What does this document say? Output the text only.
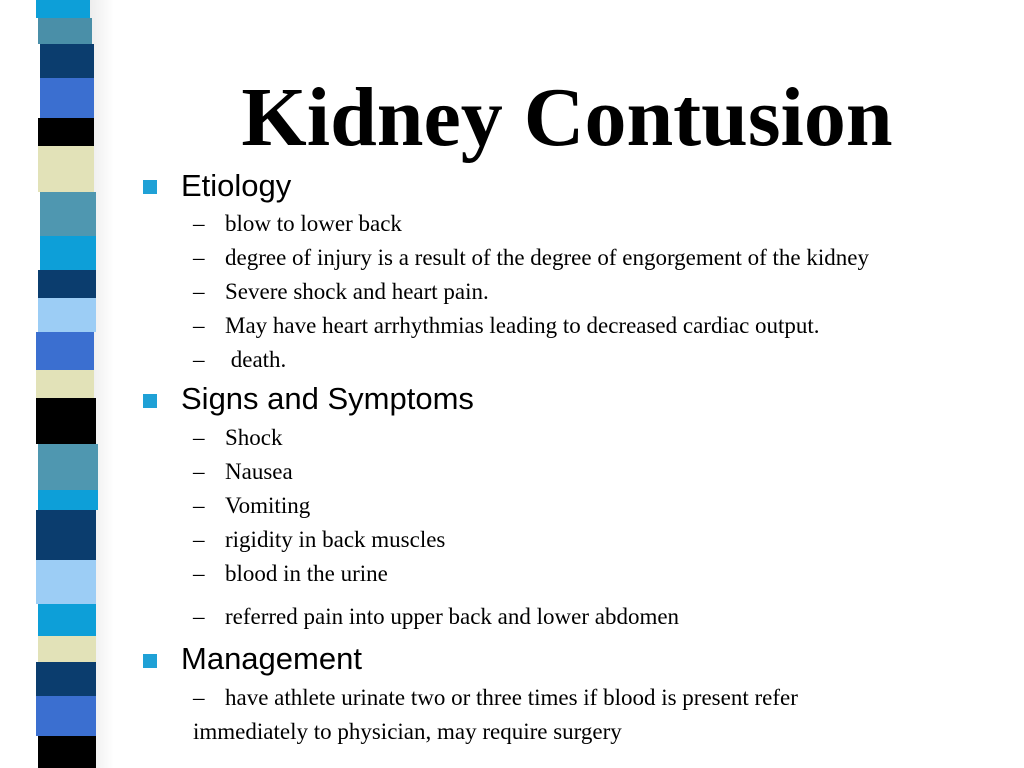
Kidney Contusion
Etiology
– blow to lower back
– degree of injury is a result of the degree of engorgement of the kidney
– Severe shock and heart pain.
– May have heart arrhythmias leading to decreased cardiac output.
– death.
Signs and Symptoms
– Shock
– Nausea
– Vomiting
– rigidity in back muscles
– blood in the urine
– referred pain into upper back and lower abdomen
Management
– have athlete urinate two or three times if blood is present refer
immediately to physician, may require surgery
